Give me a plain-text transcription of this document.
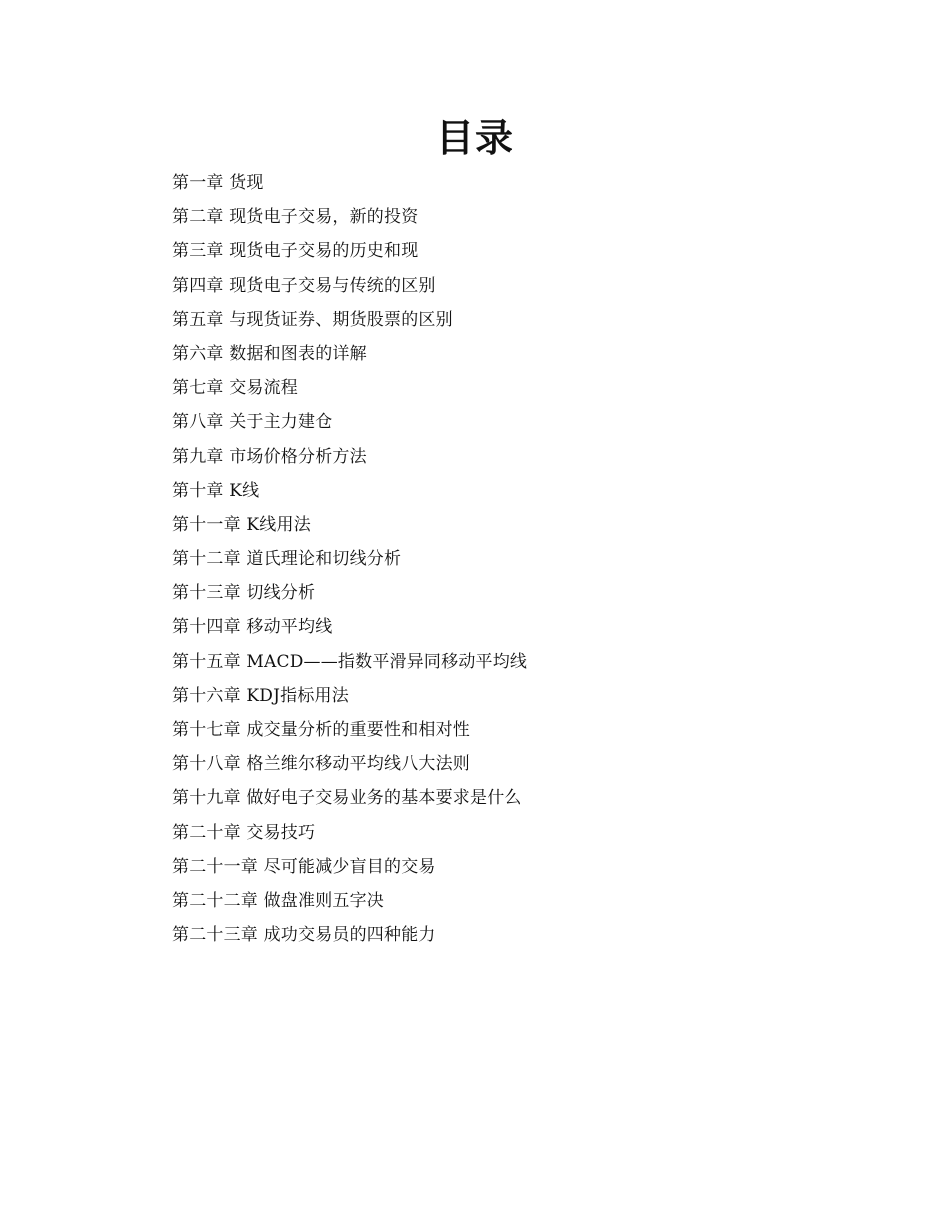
目录
第一章 货现
第二章 现货电子交易，新的投资
第三章 现货电子交易的历史和现
第四章 现货电子交易与传统的区别
第五章 与现货证券、期货股票的区别
第六章 数据和图表的详解
第七章 交易流程
第八章 关于主力建仓
第九章 市场价格分析方法
第十章 K线
第十一章 K线用法
第十二章 道氏理论和切线分析
第十三章 切线分析
第十四章 移动平均线
第十五章 MACD——指数平滑异同移动平均线
第十六章 KDJ指标用法
第十七章 成交量分析的重要性和相对性
第十八章 格兰维尔移动平均线八大法则
第十九章 做好电子交易业务的基本要求是什么
第二十章 交易技巧
第二十一章 尽可能减少盲目的交易
第二十二章 做盘准则五字决
第二十三章 成功交易员的四种能力
